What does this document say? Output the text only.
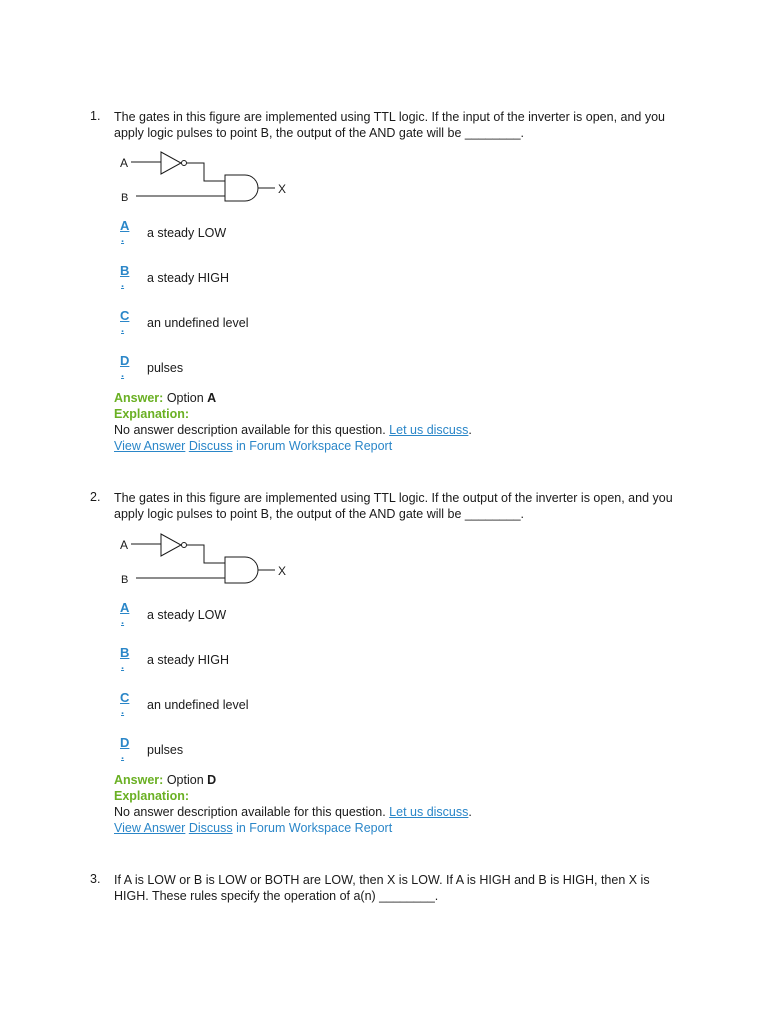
1. The gates in this figure are implemented using TTL logic. If the input of the inverter is open, and you apply logic pulses to point B, the output of the AND gate will be ________.
A
B
X
A
. a steady LOW
B
. a steady HIGH
C
. an undefined level
D
. pulses
Answer: Option A
Explanation:
No answer description available for this question. Let us discuss.
View Answer Discuss in Forum Workspace Report
2. The gates in this figure are implemented using TTL logic. If the output of the inverter is open, and you apply logic pulses to point B, the output of the AND gate will be ________.
A
B
X
A
. a steady LOW
B
. a steady HIGH
C
. an undefined level
D
. pulses
Answer: Option D
Explanation:
No answer description available for this question. Let us discuss.
View Answer Discuss in Forum Workspace Report
3. If A is LOW or B is LOW or BOTH are LOW, then X is LOW. If A is HIGH and B is HIGH, then X is HIGH. These rules specify the operation of a(n) ________.
